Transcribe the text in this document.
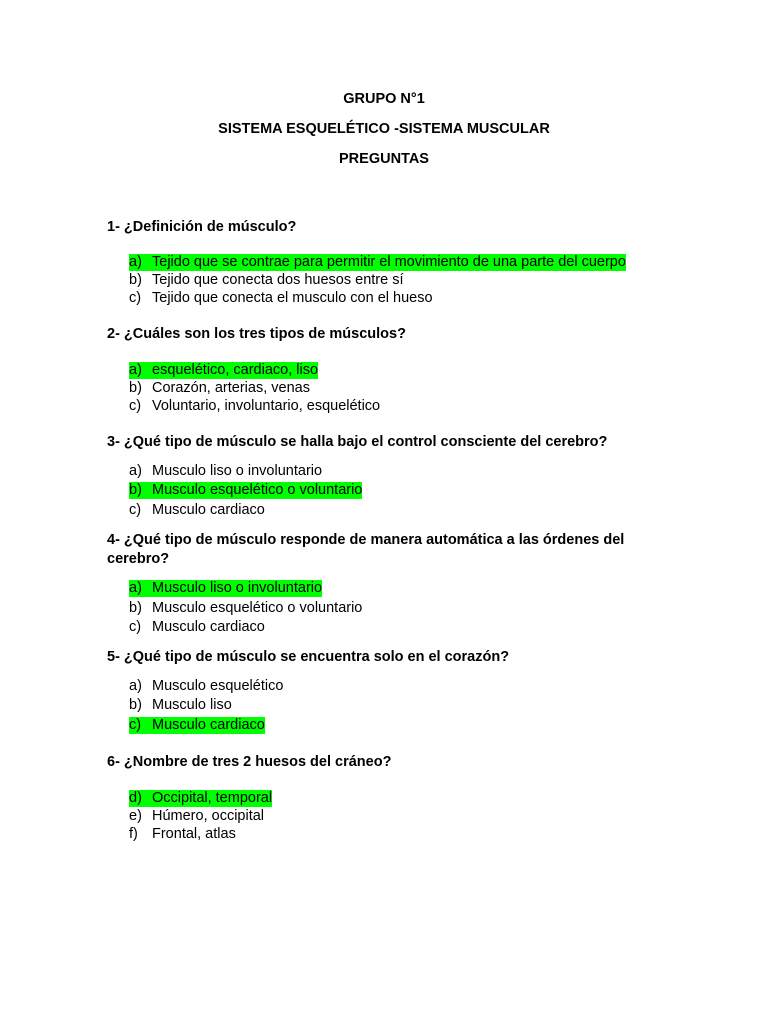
GRUPO N°1
SISTEMA ESQUELÉTICO -SISTEMA MUSCULAR
PREGUNTAS
1- ¿Definición de músculo?
a) Tejido que se contrae para permitir el movimiento de una parte del cuerpo
b) Tejido que conecta dos huesos entre sí
c) Tejido que conecta el musculo con el hueso
2- ¿Cuáles son los tres tipos de músculos?
a) esquelético, cardiaco, liso
b) Corazón, arterias, venas
c) Voluntario, involuntario, esquelético
3- ¿Qué tipo de músculo se halla bajo el control consciente del cerebro?
a) Musculo liso o involuntario
b) Musculo esquelético o voluntario
c) Musculo cardiaco
4- ¿Qué tipo de músculo responde de manera automática a las órdenes del cerebro?
a) Musculo liso o involuntario
b) Musculo esquelético o voluntario
c) Musculo cardiaco
5- ¿Qué tipo de músculo se encuentra solo en el corazón?
a) Musculo esquelético
b) Musculo liso
c) Musculo cardiaco
6- ¿Nombre de tres 2 huesos del cráneo?
d) Occipital, temporal
e) Húmero, occipital
f) Frontal, atlas
